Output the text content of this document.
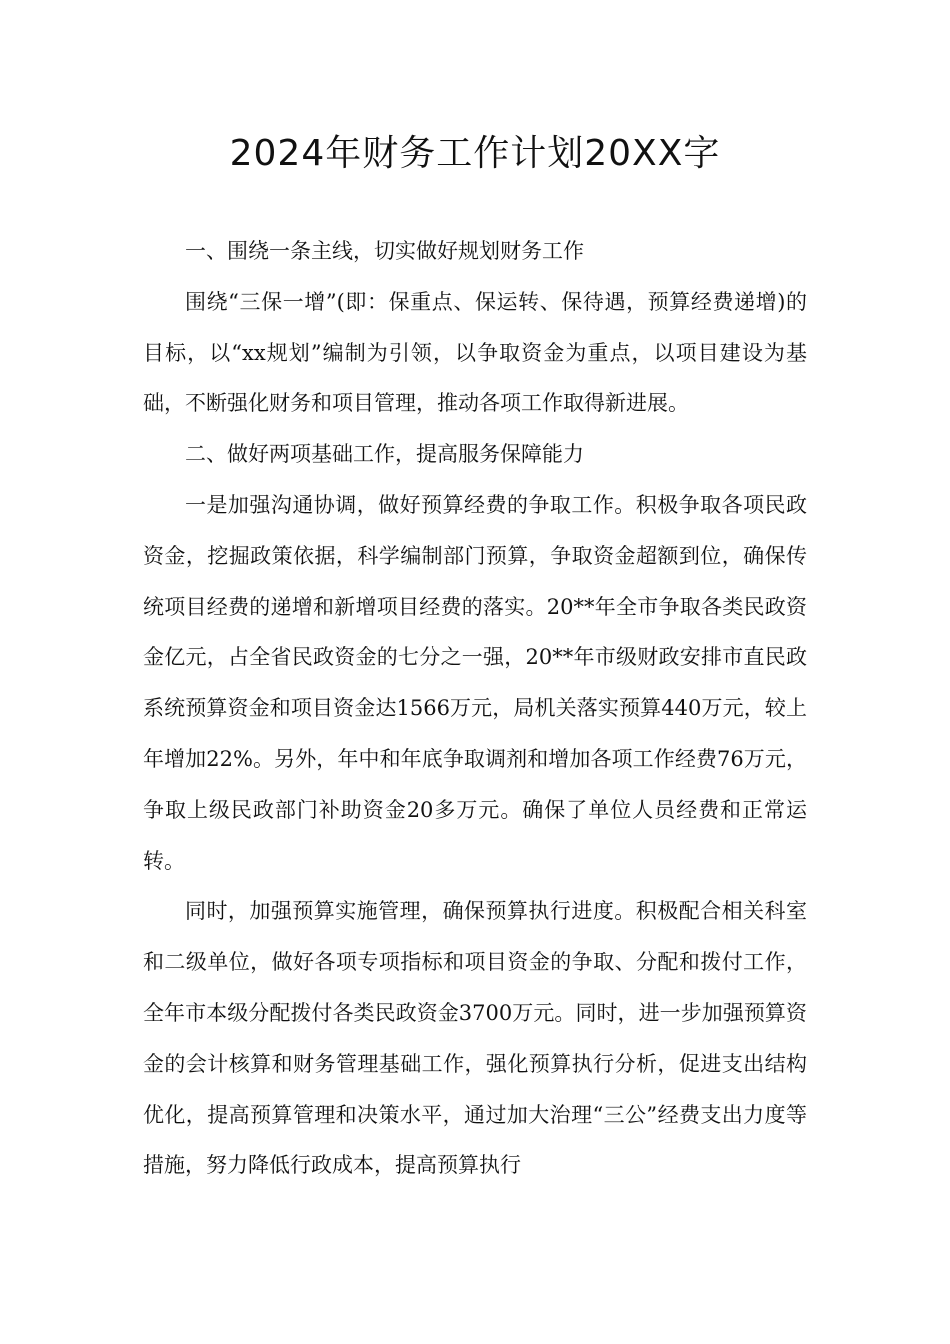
2024年财务工作计划20XX字

一、围绕一条主线，切实做好规划财务工作

围绕“三保一增”(即：保重点、保运转、保待遇，预算经费递增)的目标，以“xx规划”编制为引领，以争取资金为重点，以项目建设为基础，不断强化财务和项目管理，推动各项工作取得新进展。

二、做好两项基础工作，提高服务保障能力

一是加强沟通协调，做好预算经费的争取工作。积极争取各项民政资金，挖掘政策依据，科学编制部门预算，争取资金超额到位，确保传统项目经费的递增和新增项目经费的落实。20**年全市争取各类民政资金亿元，占全省民政资金的七分之一强，20**年市级财政安排市直民政系统预算资金和项目资金达1566万元，局机关落实预算440万元，较上年增加22%。另外，年中和年底争取调剂和增加各项工作经费76万元，争取上级民政部门补助资金20多万元。确保了单位人员经费和正常运转。

同时，加强预算实施管理，确保预算执行进度。积极配合相关科室和二级单位，做好各项专项指标和项目资金的争取、分配和拨付工作，全年市本级分配拨付各类民政资金3700万元。同时，进一步加强预算资金的会计核算和财务管理基础工作，强化预算执行分析，促进支出结构优化，提高预算管理和决策水平，通过加大治理“三公”经费支出力度等措施，努力降低行政成本，提高预算执行
